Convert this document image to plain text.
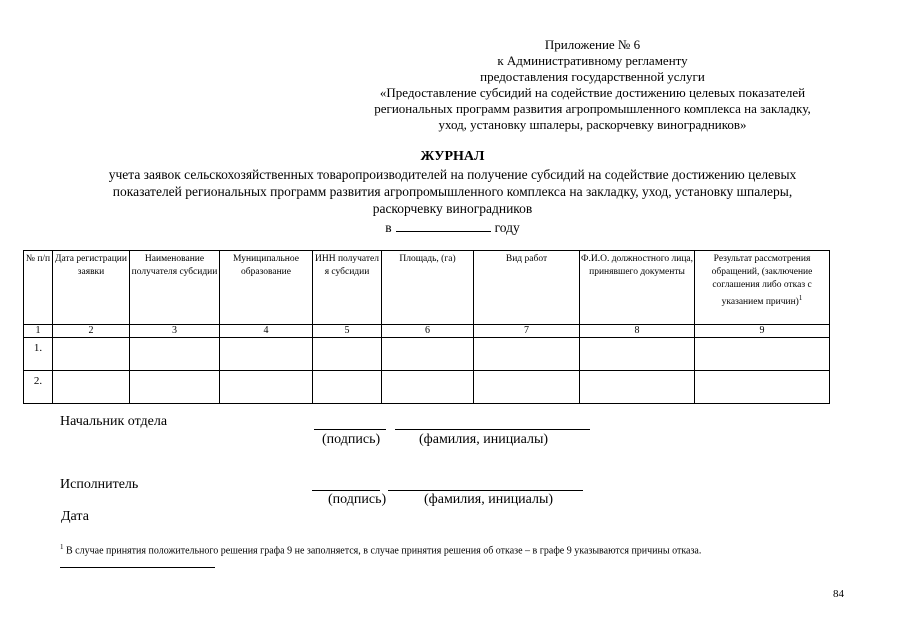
Приложение № 6
к Административному регламенту
предоставления государственной услуги
«Предоставление субсидий на содействие достижению целевых показателей
региональных программ развития агропромышленного комплекса на закладку,
уход, установку шпалеры, раскорчевку виноградников»
ЖУРНАЛ
учета заявок сельскохозяйственных товаропроизводителей на получение субсидий на содействие достижению целевых
показателей региональных программ развития агропромышленного комплекса на закладку, уход, установку шпалеры,
раскорчевку виноградников
в	году
№ п/п	Дата регистрации заявки	Наименование получателя субсидии	Муниципальное образование	ИНН получател я субсидии	Площадь, (га)	Вид работ	Ф.И.О. должностного лица, принявшего документы	Результат рассмотрения обращений, (заключение соглашения либо отказ с указанием причин)$^1$
1	2	3	4	5	6	7	8	9
1.								
2.								
Начальник отдела
(подпись)	(фамилия, инициалы)
Исполнитель
(подпись)	(фамилия, инициалы)
Дата
$^1$ В случае принятия положительного решения графа 9 не заполняется, в случае принятия решения об отказе – в графе 9 указываются причины отказа.
84
